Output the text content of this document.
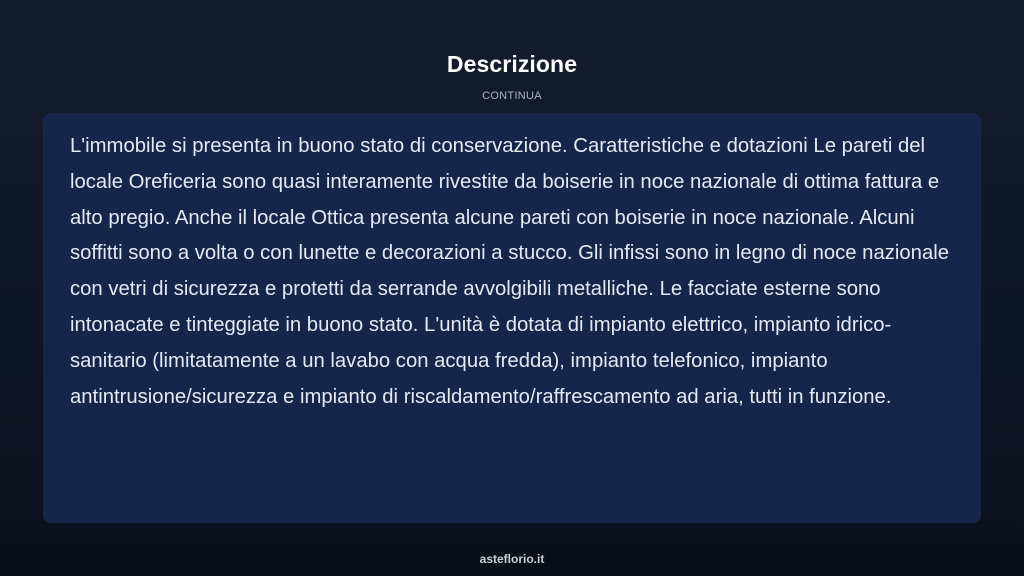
Descrizione
CONTINUA

L'immobile si presenta in buono stato di conservazione. Caratteristiche e dotazioni Le pareti del locale Oreficeria sono quasi interamente rivestite da boiserie in noce nazionale di ottima fattura e alto pregio. Anche il locale Ottica presenta alcune pareti con boiserie in noce nazionale. Alcuni soffitti sono a volta o con lunette e decorazioni a stucco. Gli infissi sono in legno di noce nazionale con vetri di sicurezza e protetti da serrande avvolgibili metalliche. Le facciate esterne sono intonacate e tinteggiate in buono stato. L'unità è dotata di impianto elettrico, impianto idrico-sanitario (limitatamente a un lavabo con acqua fredda), impianto telefonico, impianto antintrusione/sicurezza e impianto di riscaldamento/raffrescamento ad aria, tutti in funzione.

asteflorio.it
